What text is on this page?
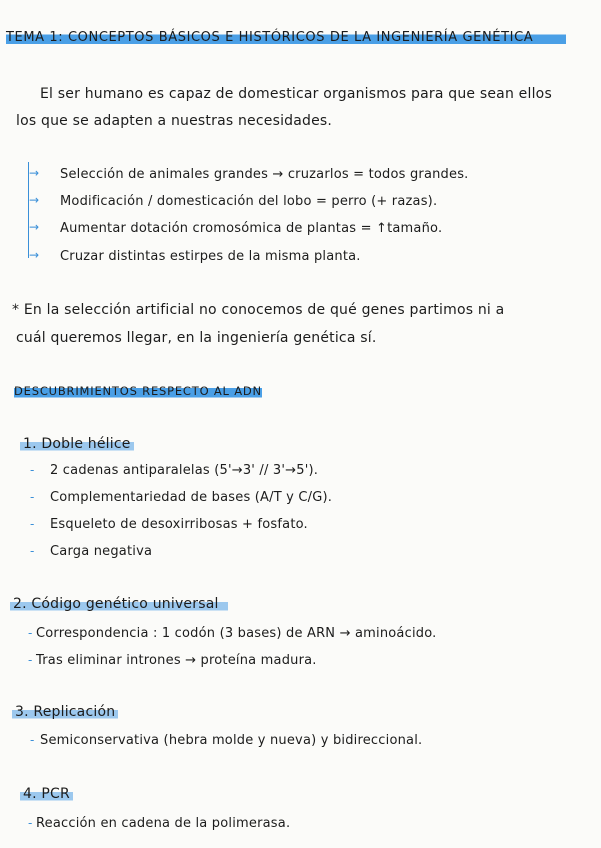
TEMA 1: CONCEPTOS BÁSICOS E HISTÓRICOS DE LA INGENIERÍA GENÉTICA
El ser humano es capaz de domesticar organismos para que sean ellos
los que se adapten a nuestras necesidades.
→
→
→
→
Selección de animales grandes → cruzarlos = todos grandes.
Modificación / domesticación del lobo = perro (+ razas).
Aumentar dotación cromosómica de plantas = ↑tamaño.
Cruzar distintas estirpes de la misma planta.
* En la selección artificial no conocemos de qué genes partimos ni a
cuál queremos llegar, en la ingeniería genética sí.
DESCUBRIMIENTOS RESPECTO AL ADN
1. Doble hélice
- 2 cadenas antiparalelas (5'→3' // 3'→5').
- Complementariedad de bases (A/T y C/G).
- Esqueleto de desoxirribosas + fosfato.
- Carga negativa
2. Código genético universal
- Correspondencia : 1 codón (3 bases) de ARN → aminoácido.
- Tras eliminar intrones → proteína madura.
3. Replicación
- Semiconservativa (hebra molde y nueva) y bidireccional.
4. PCR
- Reacción en cadena de la polimerasa.
